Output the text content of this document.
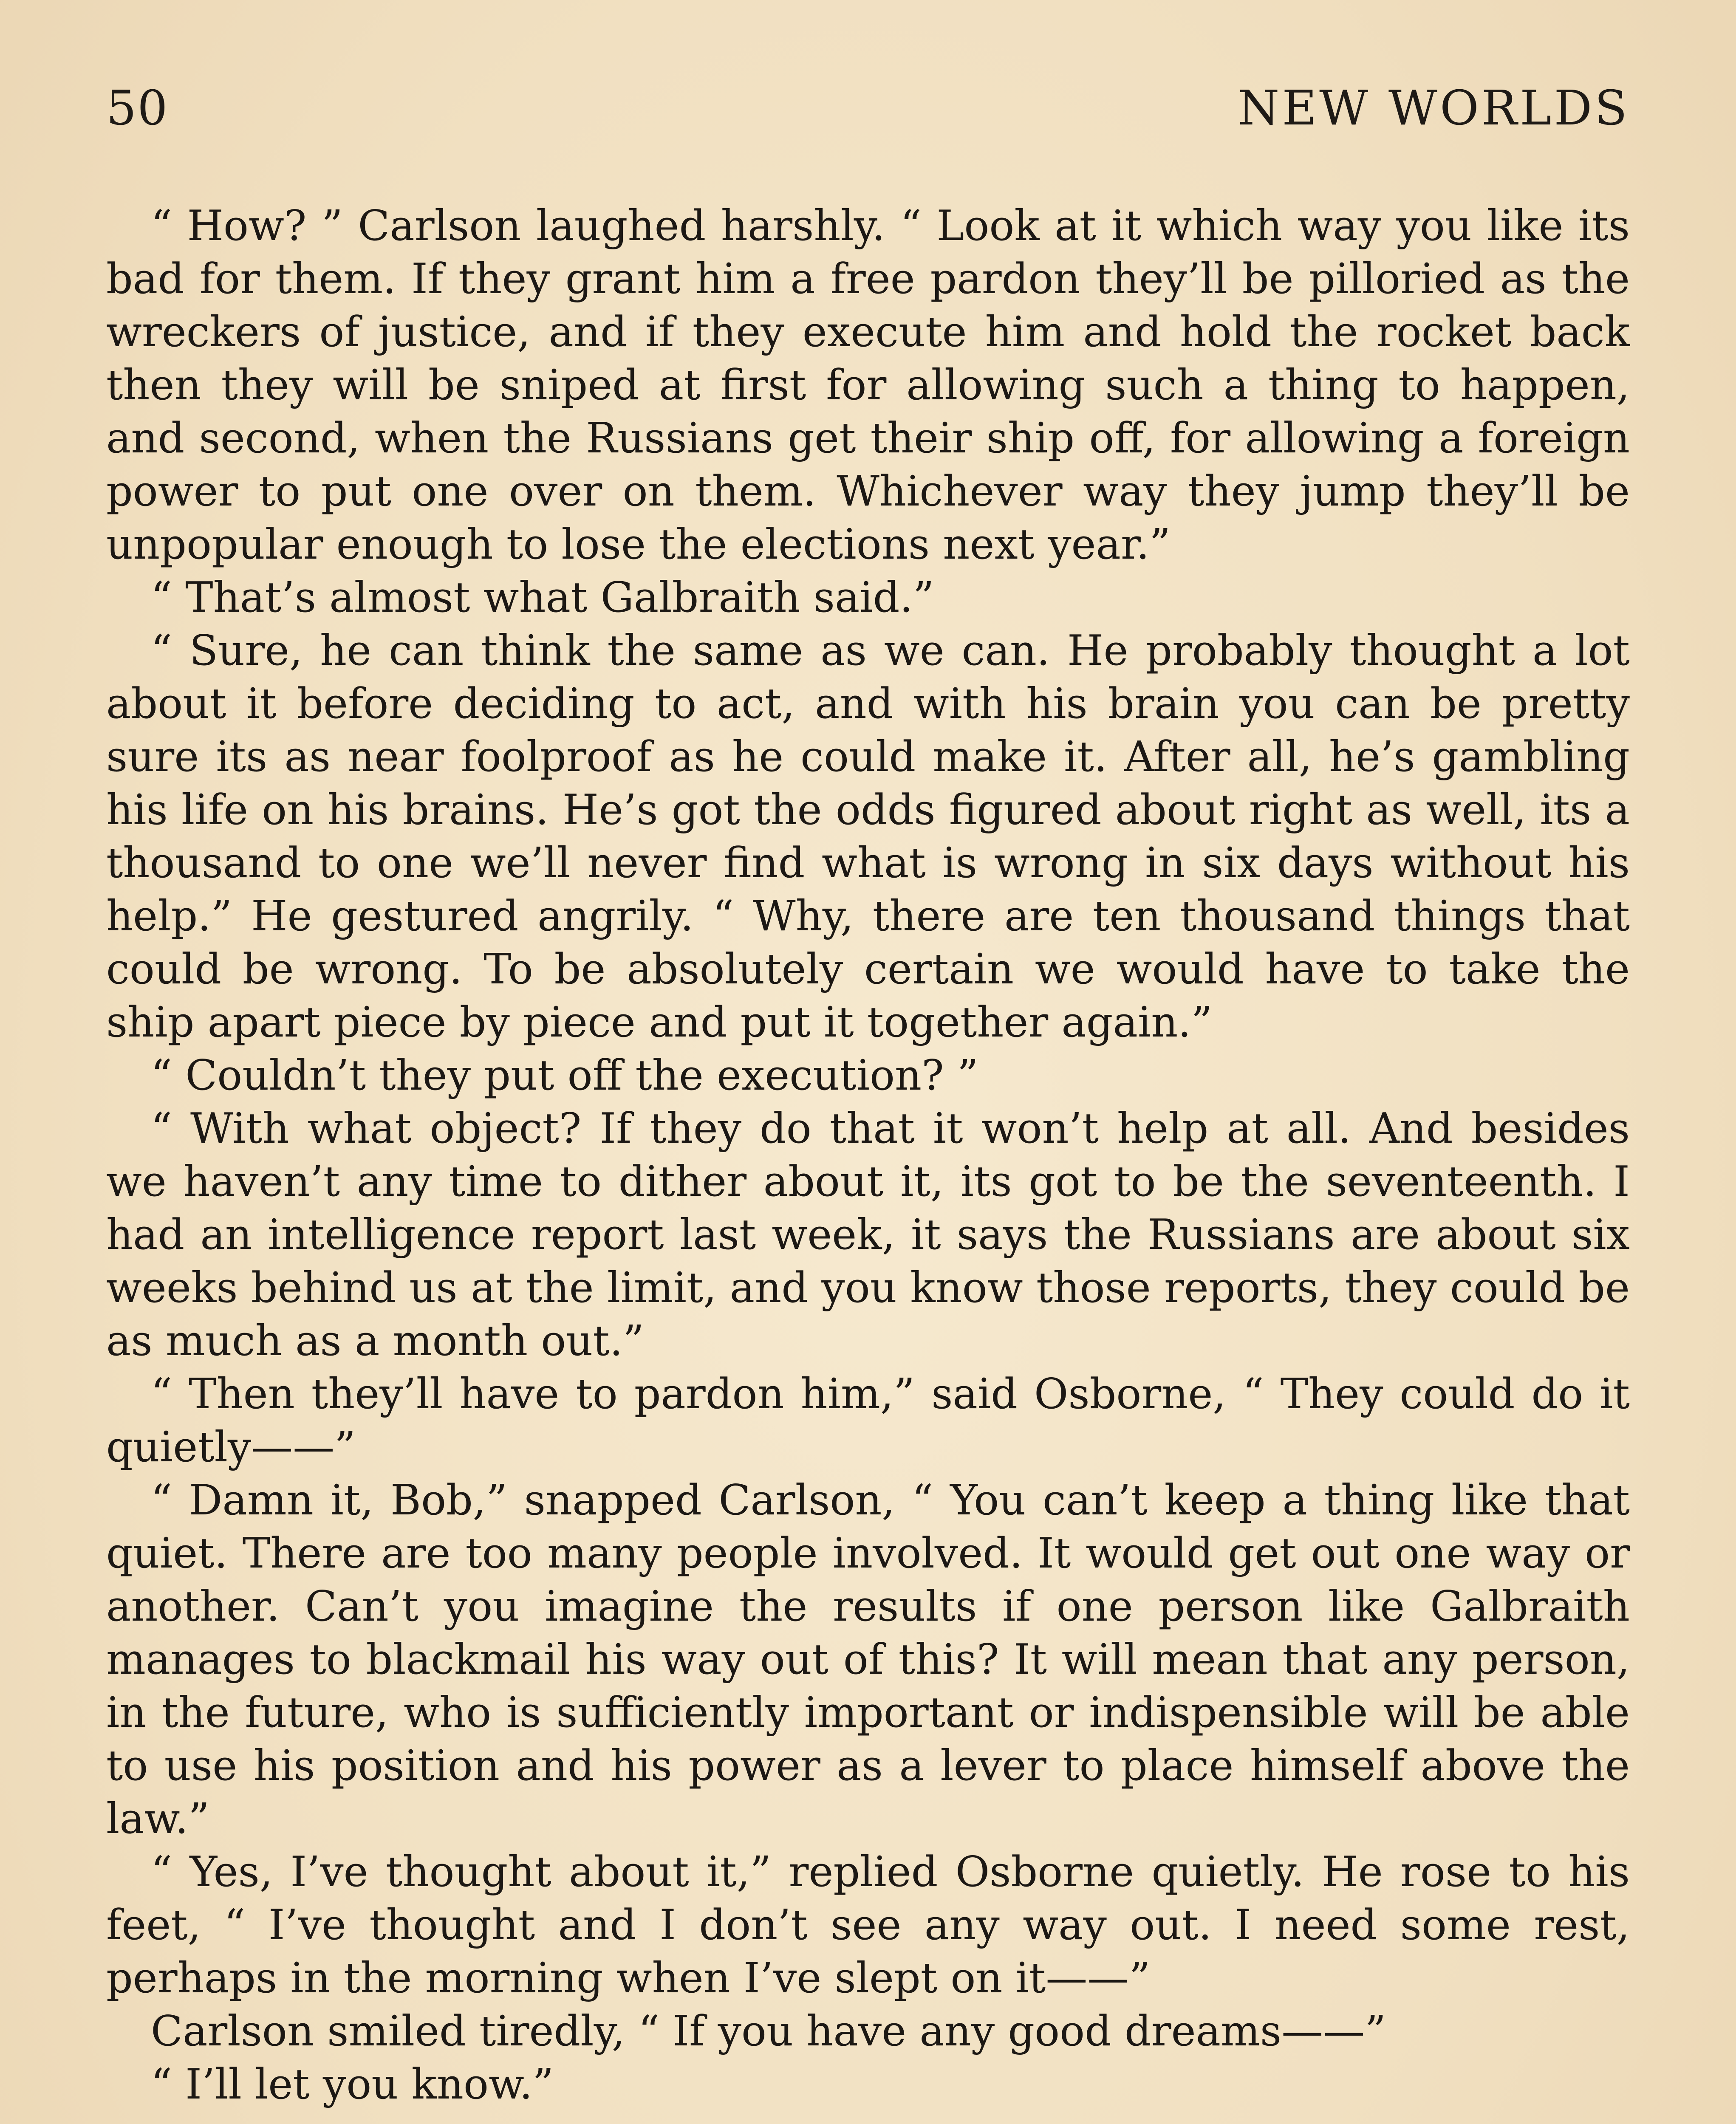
50	NEW WORLDS

“ How? ” Carlson laughed harshly. “ Look at it which way you like its bad for them. If they grant him a free pardon they’ll be pilloried as the wreckers of justice, and if they execute him and hold the rocket back then they will be sniped at first for allowing such a thing to happen, and second, when the Russians get their ship off, for allowing a foreign power to put one over on them. Whichever way they jump they’ll be unpopular enough to lose the elections next year.”

“ That’s almost what Galbraith said.”

“ Sure, he can think the same as we can. He probably thought a lot about it before deciding to act, and with his brain you can be pretty sure its as near foolproof as he could make it. After all, he’s gambling his life on his brains. He’s got the odds figured about right as well, its a thousand to one we’ll never find what is wrong in six days without his help.” He gestured angrily. “ Why, there are ten thousand things that could be wrong. To be absolutely certain we would have to take the ship apart piece by piece and put it together again.”

“ Couldn’t they put off the execution? ”

“ With what object? If they do that it won’t help at all. And besides we haven’t any time to dither about it, its got to be the seventeenth. I had an intelligence report last week, it says the Russians are about six weeks behind us at the limit, and you know those reports, they could be as much as a month out.”

“ Then they’ll have to pardon him,” said Osborne, “ They could do it quietly——”

“ Damn it, Bob,” snapped Carlson, “ You can’t keep a thing like that quiet. There are too many people involved. It would get out one way or another. Can’t you imagine the results if one person like Galbraith manages to blackmail his way out of this? It will mean that any person, in the future, who is sufficiently important or indispensible will be able to use his position and his power as a lever to place himself above the law.”

“ Yes, I’ve thought about it,” replied Osborne quietly. He rose to his feet, “ I’ve thought and I don’t see any way out. I need some rest, perhaps in the morning when I’ve slept on it——”

Carlson smiled tiredly, “ If you have any good dreams——”

“ I’ll let you know.”
